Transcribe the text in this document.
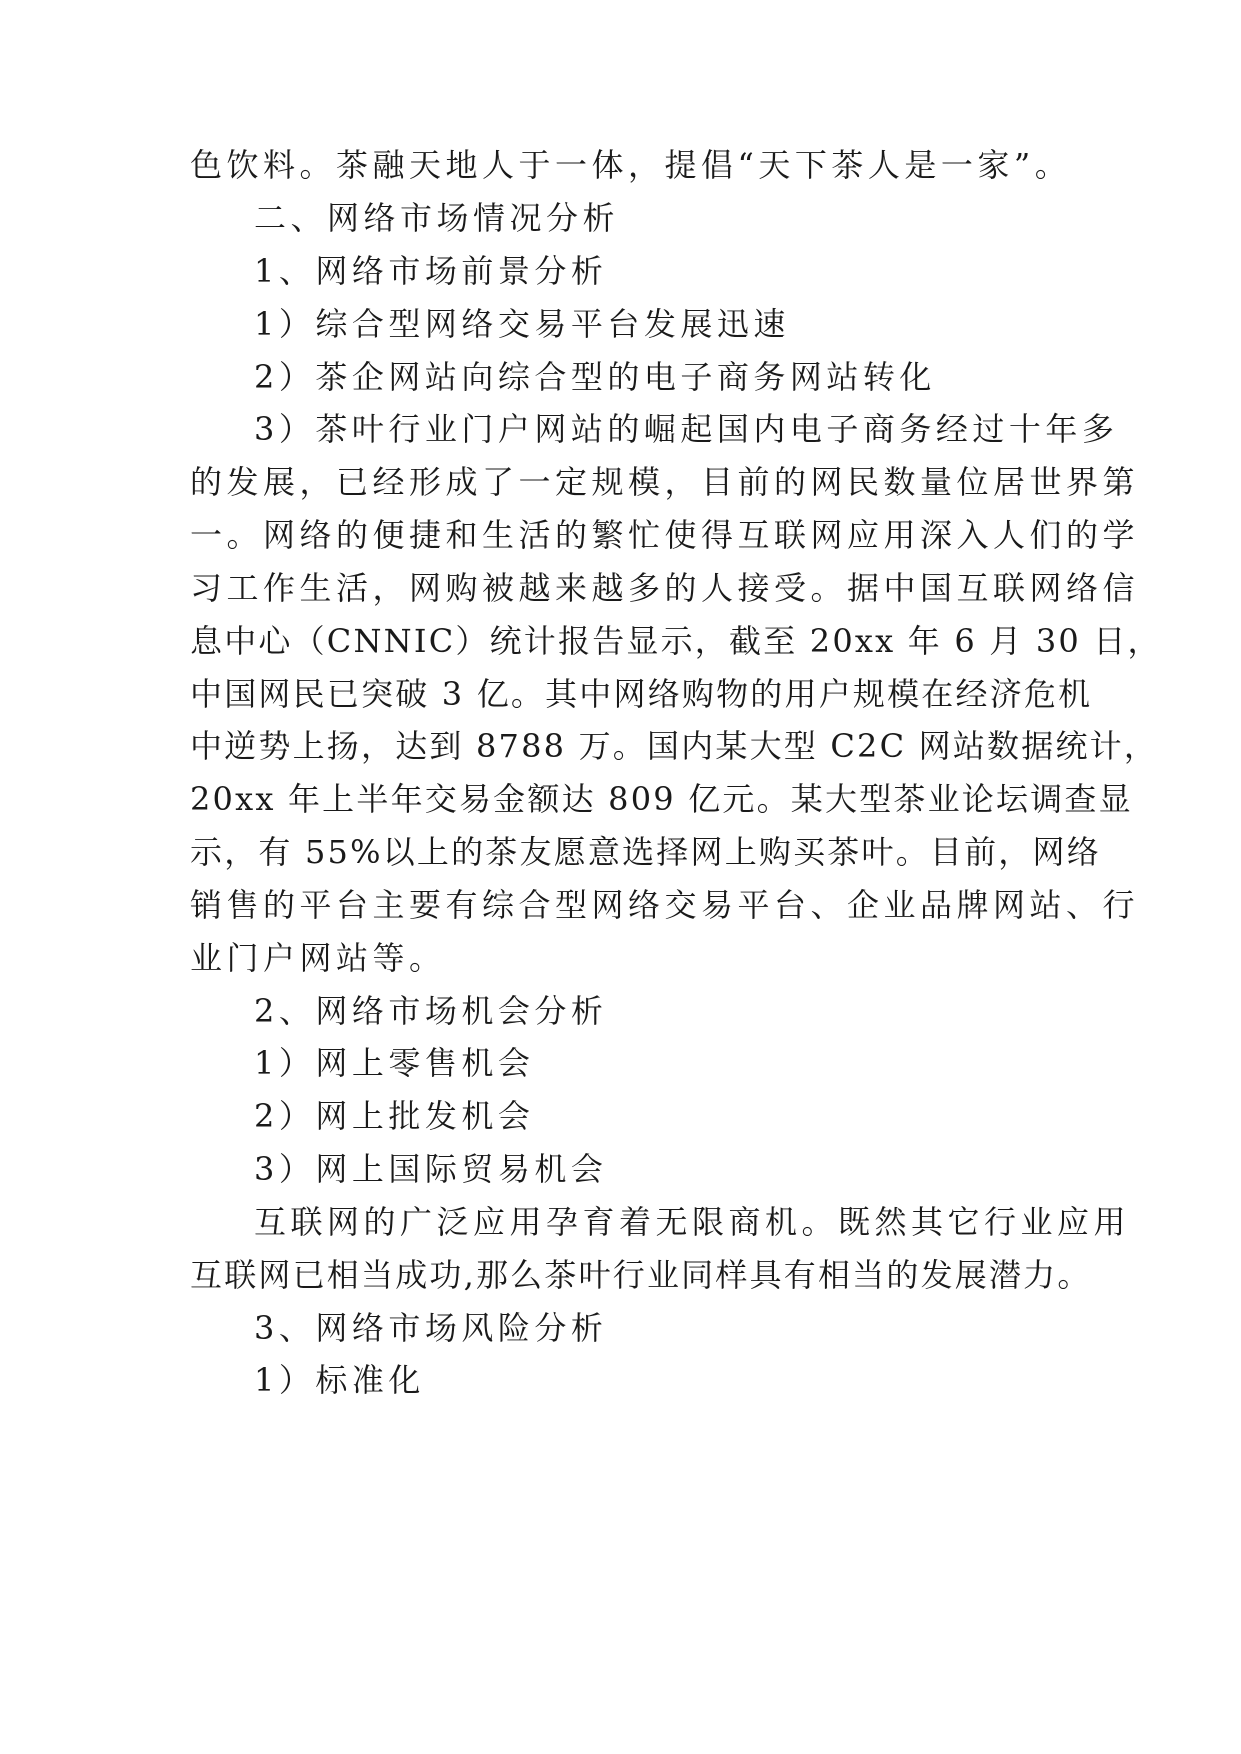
色饮料。茶融天地人于一体，提倡“天下茶人是一家”。
二、网络市场情况分析
1、网络市场前景分析
1）综合型网络交易平台发展迅速
2）茶企网站向综合型的电子商务网站转化
3）茶叶行业门户网站的崛起国内电子商务经过十年多
的发展，已经形成了一定规模，目前的网民数量位居世界第
一。网络的便捷和生活的繁忙使得互联网应用深入人们的学
习工作生活，网购被越来越多的人接受。据中国互联网络信
息中心（CNNIC）统计报告显示，截至 20xx 年 6 月 30 日，
中国网民已突破 3 亿。其中网络购物的用户规模在经济危机
中逆势上扬，达到 8788 万。国内某大型 C2C 网站数据统计，
20xx 年上半年交易金额达 809 亿元。某大型茶业论坛调查显
示，有 55%以上的茶友愿意选择网上购买茶叶。目前，网络
销售的平台主要有综合型网络交易平台、企业品牌网站、行
业门户网站等。
2、网络市场机会分析
1）网上零售机会
2）网上批发机会
3）网上国际贸易机会
互联网的广泛应用孕育着无限商机。既然其它行业应用
互联网已相当成功,那么茶叶行业同样具有相当的发展潜力。
3、网络市场风险分析
1）标准化
